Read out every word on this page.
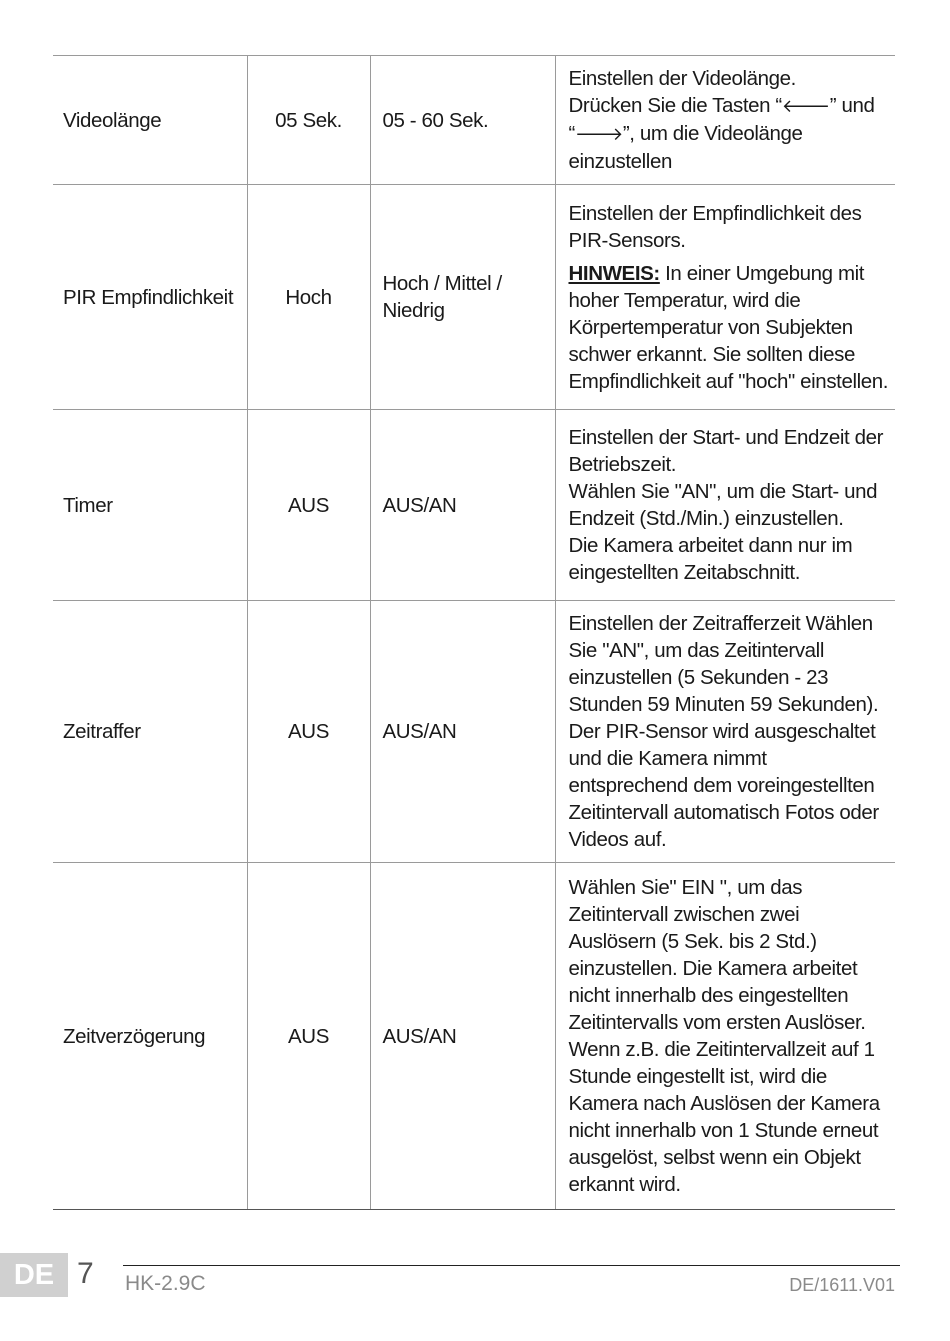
Videolänge	05 Sek.	05 - 60 Sek.	Einstellen der Videolänge.

Drücken Sie die Tasten “🡐” und

“🡒”, um die Videolänge einzustellen

PIR Empfindlichkeit	Hoch	Hoch / Mittel / Niedrig	Einstellen der Empfindlichkeit des PIR-Sensors.

HINWEIS: In einer Umgebung mit hoher Temperatur, wird die Körpertemperatur von Subjekten schwer erkannt. Sie sollten diese Empfindlichkeit auf "hoch" einstellen.

Timer	AUS	AUS/AN	Einstellen der Start- und Endzeit der Betriebszeit.

Wählen Sie "AN", um die Start- und Endzeit (Std./Min.) einzustellen.

Die Kamera arbeitet dann nur im eingestellten Zeitabschnitt.

Zeitraffer	AUS	AUS/AN	Einstellen der Zeitrafferzeit Wählen Sie "AN", um das Zeitintervall einzustellen (5 Sekunden - 23 Stunden 59 Minuten 59 Sekunden). Der PIR-Sensor wird ausgeschaltet und die Kamera nimmt entsprechend dem voreingestellten Zeitintervall automatisch Fotos oder Videos auf.

Zeitverzögerung	AUS	AUS/AN	Wählen Sie" EIN ", um das Zeitintervall zwischen zwei Auslösern (5 Sek. bis 2 Std.) einzustellen. Die Kamera arbeitet nicht innerhalb des eingestellten Zeitintervalls vom ersten Auslöser.

Wenn z.B. die Zeitintervallzeit auf 1 Stunde eingestellt ist, wird die Kamera nach Auslösen der Kamera nicht innerhalb von 1 Stunde erneut ausgelöst, selbst wenn ein Objekt erkannt wird.

DE 7 HK-2.9C	DE/1611.V01
